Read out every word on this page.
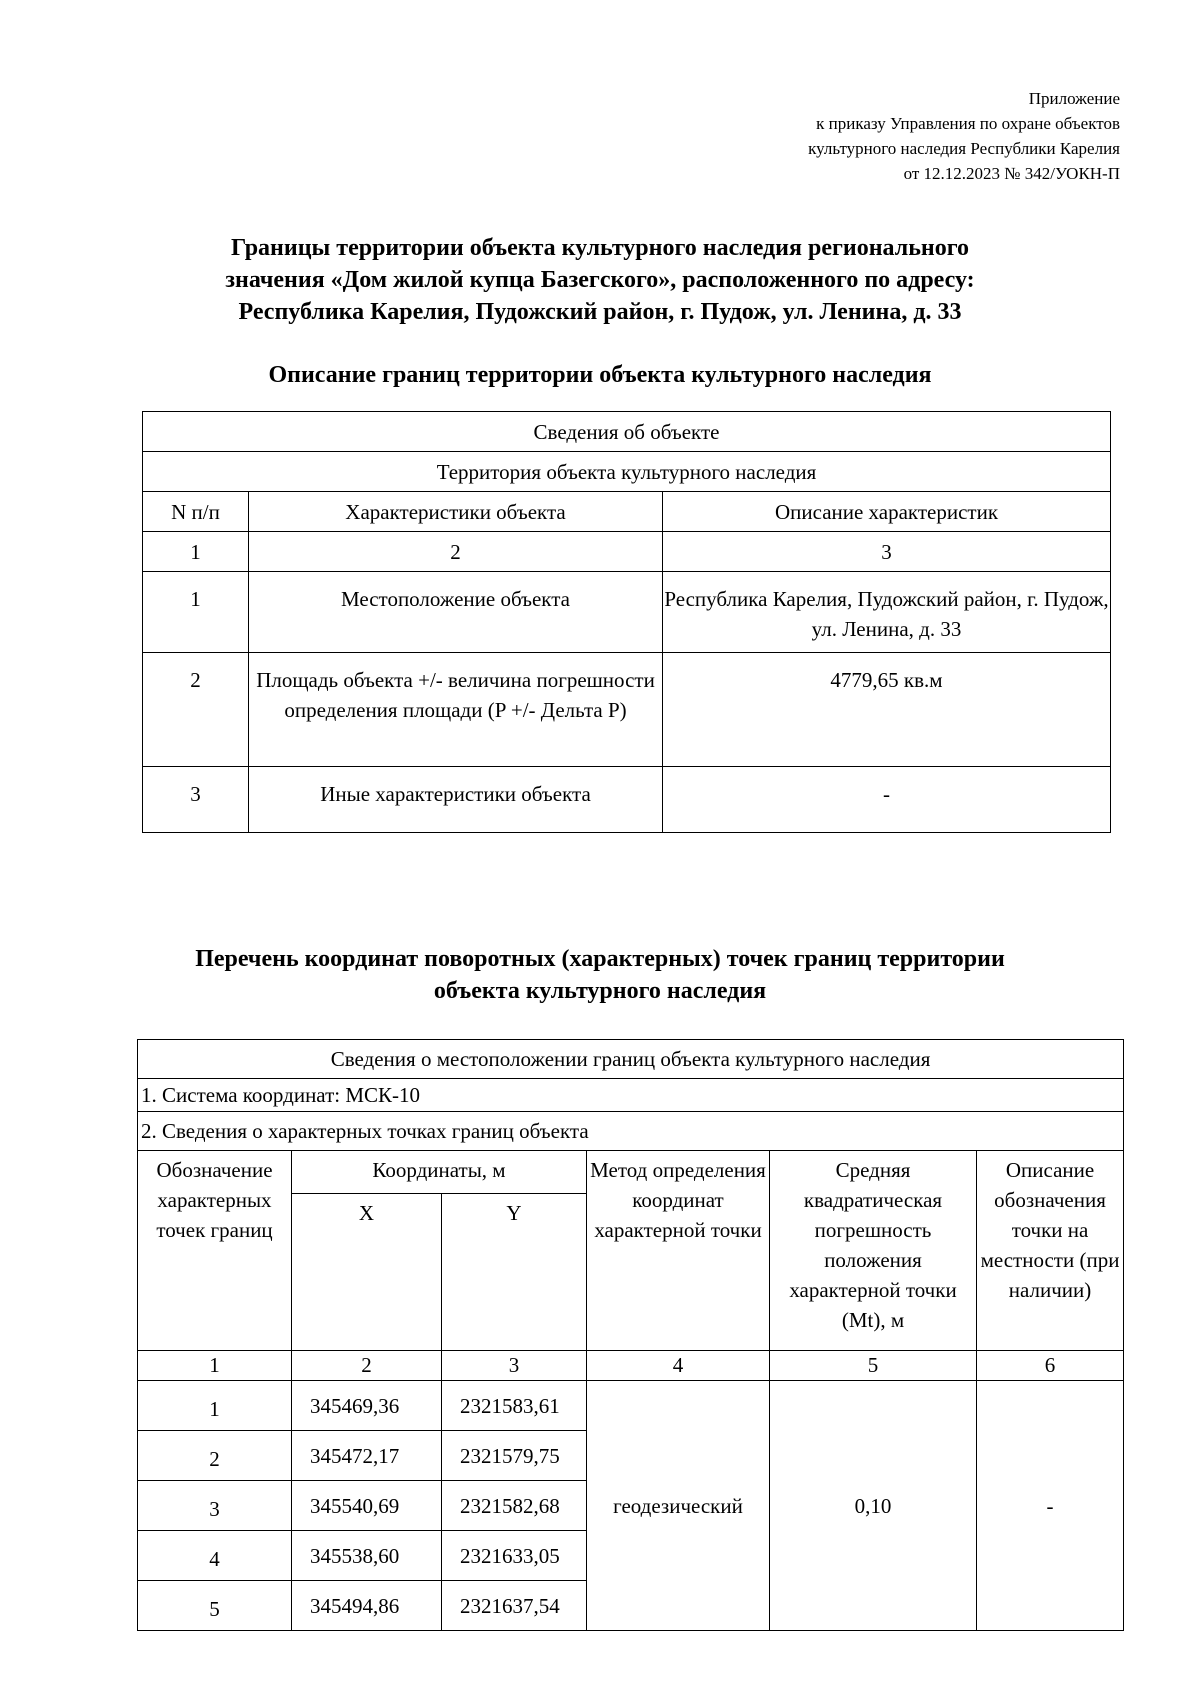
Приложение
к приказу Управления по охране объектов
культурного наследия Республики Карелия
от 12.12.2023 № 342/УОКН-П
Границы территории объекта культурного наследия регионального
значения «Дом жилой купца Базегского», расположенного по адресу:
Республика Карелия, Пудожский район, г. Пудож, ул. Ленина, д. 33
Описание границ территории объекта культурного наследия
Сведения об объекте		
Территория объекта культурного наследия		
N п/п	Характеристики объекта	Описание характеристик
1	2	3
1	Местоположение объекта	Республика Карелия, Пудожский район, г. Пудож, ул. Ленина, д. 33
2	Площадь объекта +/- величина погрешности определения площади (P +/- Дельта P)	4779,65 кв.м
3	Иные характеристики объекта	-
Перечень координат поворотных (характерных) точек границ территории
объекта культурного наследия
Сведения о местоположении границ объекта культурного наследия					
1. Система координат: МСК-10					
2. Сведения о характерных точках границ объекта					
Обозначение характерных точек границ	Координаты, м		Метод определения координат характерной точки	Средняя квадратическая погрешность положения характерной точки (Mt), м	Описание обозначения точки на местности (при наличии)
	X	Y			
1	2	3	4	5	6
1	345469,36	2321583,61	геодезический	0,10	-
2	345472,17	2321579,75			
3	345540,69	2321582,68			
4	345538,60	2321633,05			
5	345494,86	2321637,54			
